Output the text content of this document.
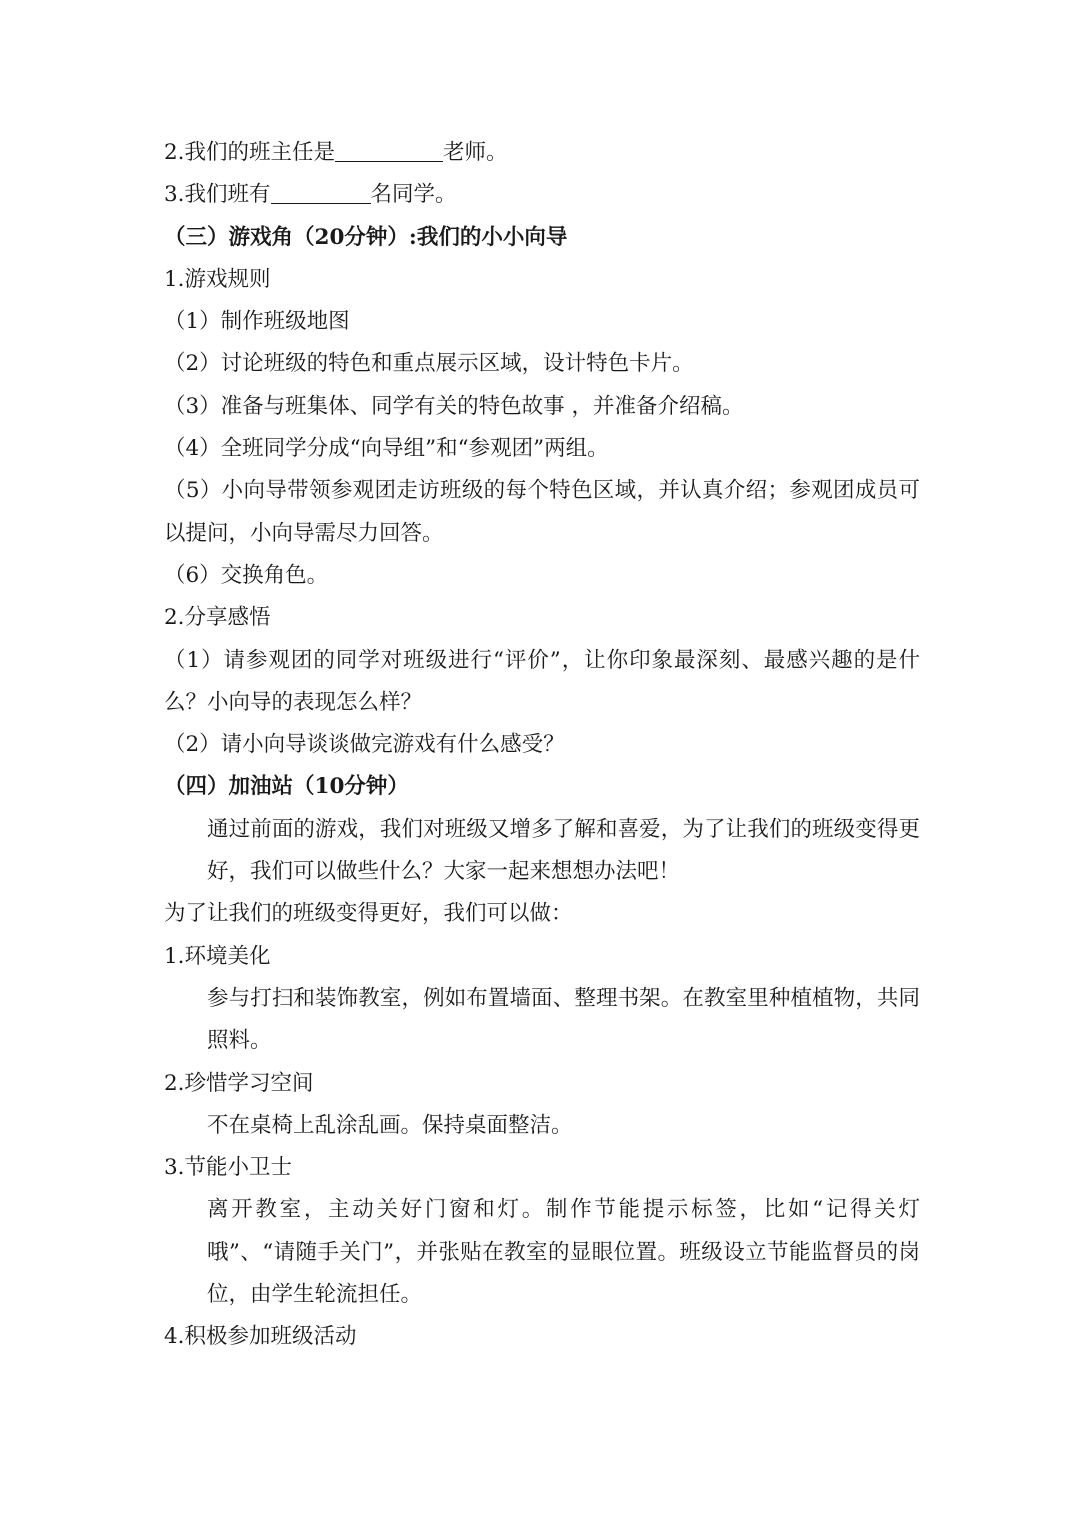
2.我们的班主任是	老师。
3.我们班有	名同学。
（三）游戏角（20分钟）:我们的小小向导
1.游戏规则
（1）制作班级地图
（2）讨论班级的特色和重点展示区域，设计特色卡片。
（3）准备与班集体、同学有关的特色故事 ，并准备介绍稿。
（4）全班同学分成“向导组”和“参观团”两组。
（5）小向导带领参观团走访班级的每个特色区域，并认真介绍；参观团成员可以提问，小向导需尽力回答。
（6）交换角色。
2.分享感悟
（1）请参观团的同学对班级进行“评价”，让你印象最深刻、最感兴趣的是什么？小向导的表现怎么样？
（2）请小向导谈谈做完游戏有什么感受？
（四）加油站（10分钟）
通过前面的游戏，我们对班级又增多了解和喜爱，为了让我们的班级变得更好，我们可以做些什么？大家一起来想想办法吧！
为了让我们的班级变得更好，我们可以做：
1.环境美化
参与打扫和装饰教室，例如布置墙面、整理书架。在教室里种植植物，共同照料。
2.珍惜学习空间
不在桌椅上乱涂乱画。保持桌面整洁。
3.节能小卫士
离开教室，主动关好门窗和灯。制作节能提示标签，比如“记得关灯哦”、“请随手关门”，并张贴在教室的显眼位置。班级设立节能监督员的岗位，由学生轮流担任。
4.积极参加班级活动
